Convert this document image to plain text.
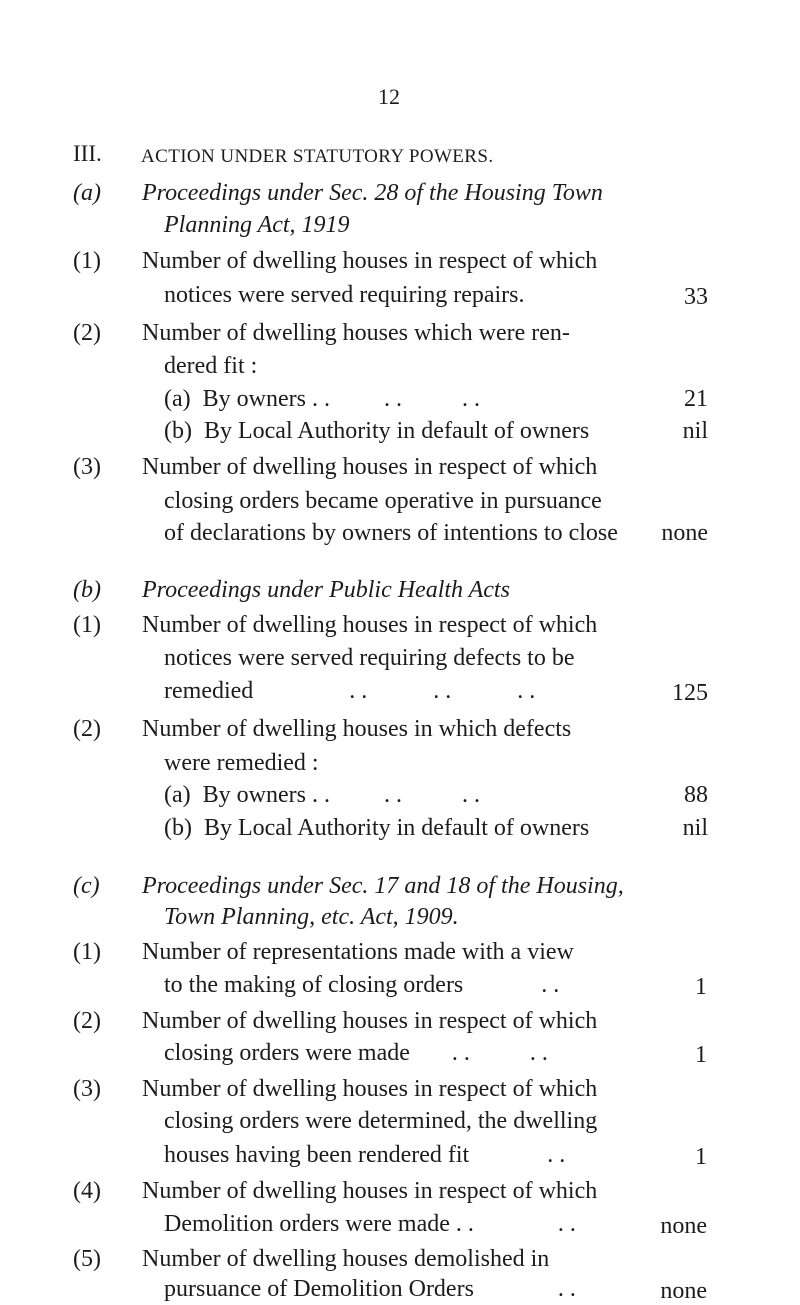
12
III. ACTION UNDER STATUTORY POWERS.
(a) Proceedings under Sec. 28 of the Housing Town
Planning Act, 1919
(1) Number of dwelling houses in respect of which
notices were served requiring repairs.	33
(2) Number of dwelling houses which were ren-
dered fit :
(a)  By owners . .         . .          . .	21
(b)  By Local Authority in default of owners	nil
(3) Number of dwelling houses in respect of which
closing orders became operative in pursuance
of declarations by owners of intentions to close none
(b) Proceedings under Public Health Acts
(1) Number of dwelling houses in respect of which
notices were served requiring defects to be
remedied                . .           . .           . .	125
(2) Number of dwelling houses in which defects
were remedied :
(a)  By owners . .         . .          . .	88
(b)  By Local Authority in default of owners	nil
(c) Proceedings under Sec. 17 and 18 of the Housing,
Town Planning, etc. Act, 1909.
(1) Number of representations made with a view
to the making of closing orders             . .	1
(2) Number of dwelling houses in respect of which
closing orders were made       . .          . .	1
(3) Number of dwelling houses in respect of which
closing orders were determined, the dwelling
houses having been rendered fit             . .	1
(4) Number of dwelling houses in respect of which
Demolition orders were made . .              . .	none
(5) Number of dwelling houses demolished in
pursuance of Demolition Orders              . .	none
